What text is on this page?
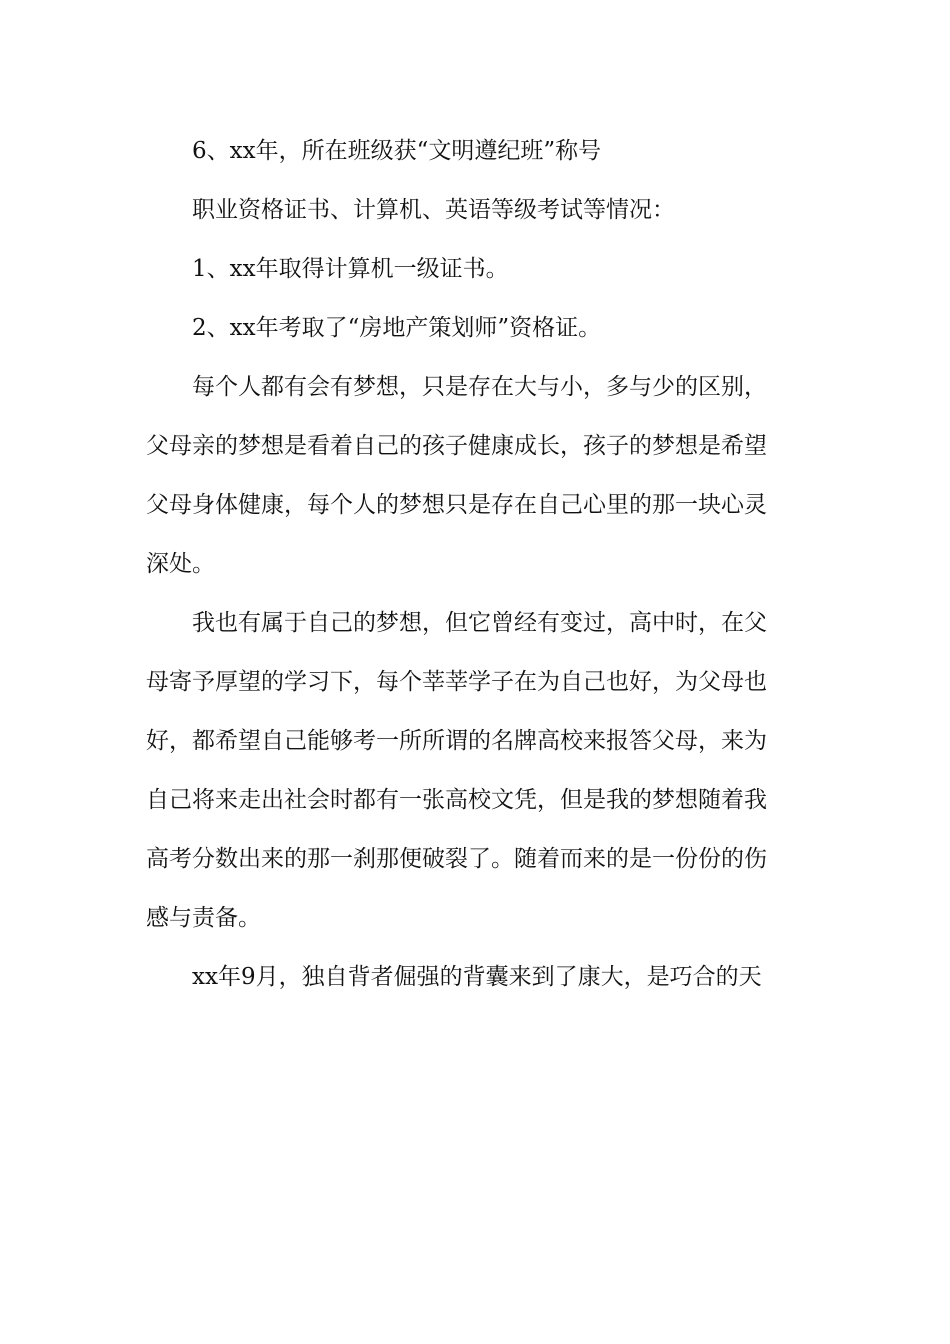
6、xx年，所在班级获“文明遵纪班”称号
职业资格证书、计算机、英语等级考试等情况：
1、xx年取得计算机一级证书。
2、xx年考取了“房地产策划师”资格证。
每个人都有会有梦想，只是存在大与小，多与少的区别，
父母亲的梦想是看着自己的孩子健康成长，孩子的梦想是希望
父母身体健康，每个人的梦想只是存在自己心里的那一块心灵
深处。
我也有属于自己的梦想，但它曾经有变过，高中时，在父
母寄予厚望的学习下，每个莘莘学子在为自己也好，为父母也
好，都希望自己能够考一所所谓的名牌高校来报答父母，来为
自己将来走出社会时都有一张高校文凭，但是我的梦想随着我
高考分数出来的那一刹那便破裂了。随着而来的是一份份的伤
感与责备。
xx年9月，独自背者倔强的背囊来到了康大，是巧合的天
